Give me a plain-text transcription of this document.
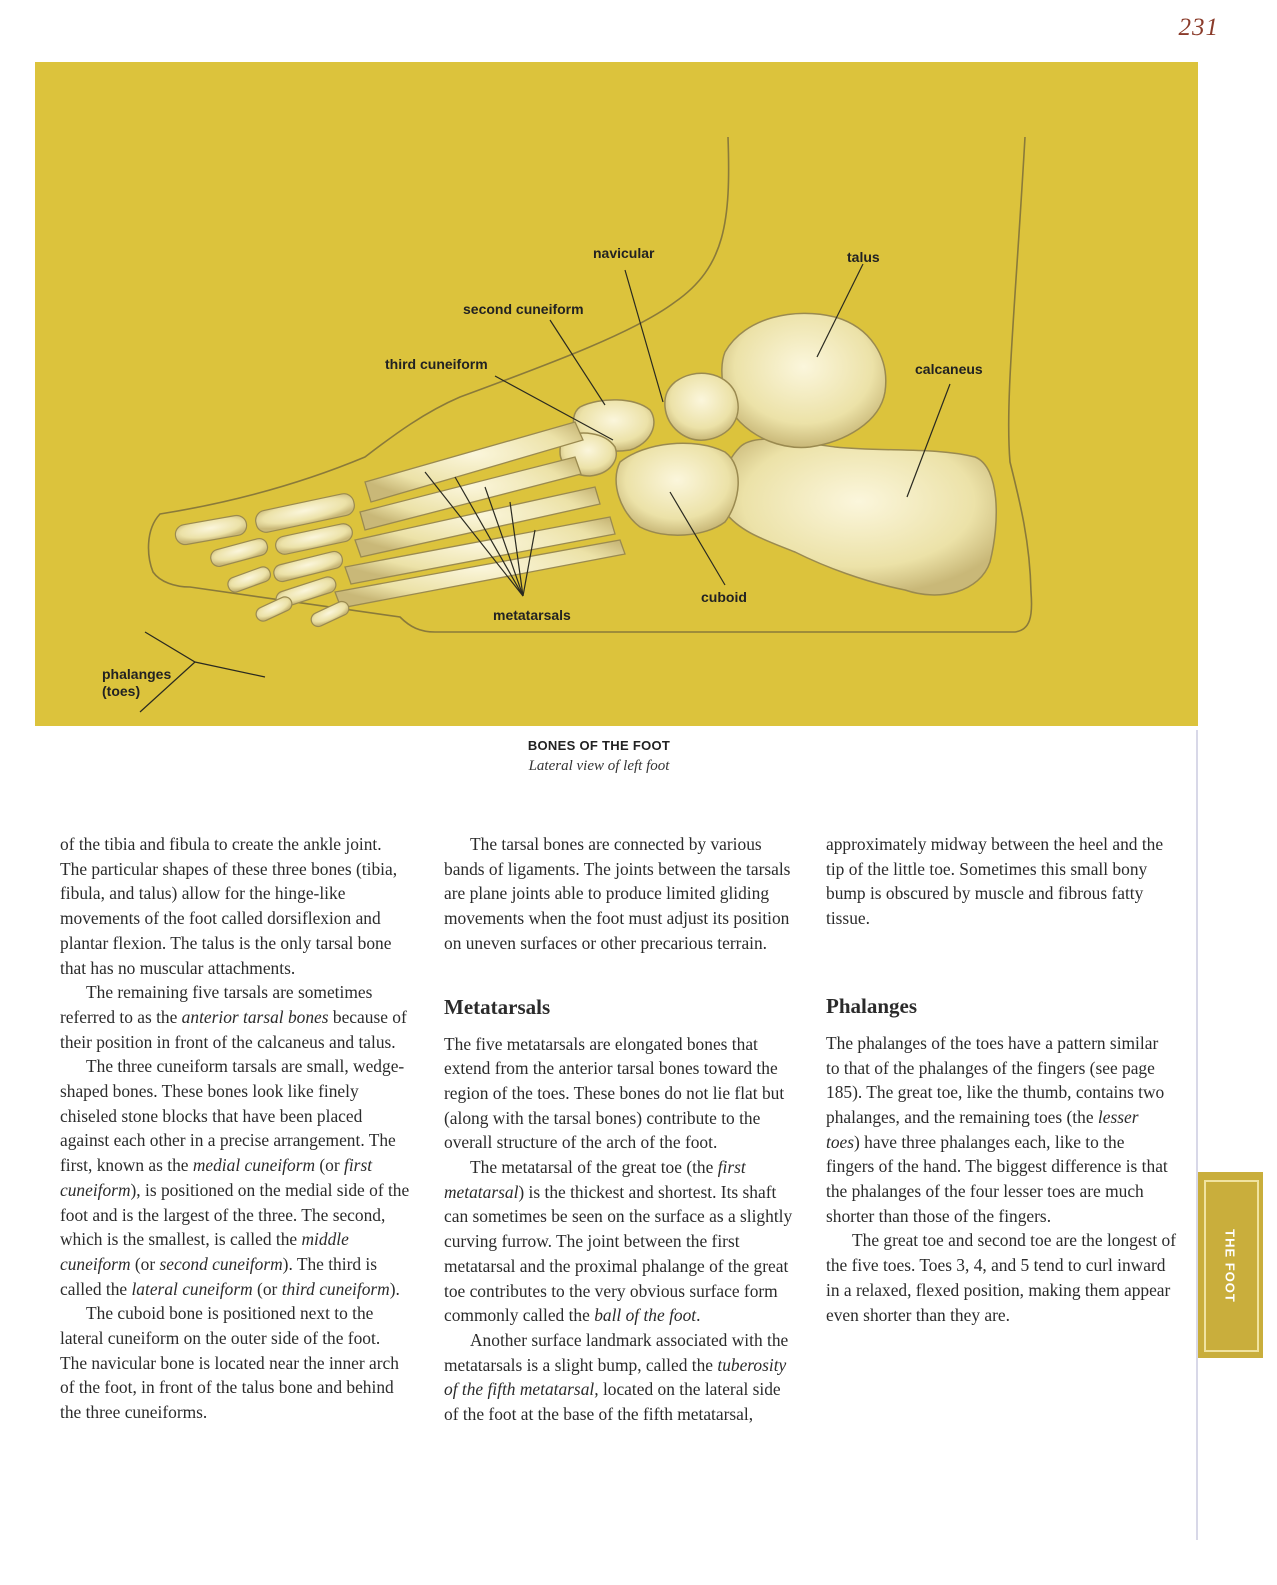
231
navicular	talus
second cuneiform
third cuneiform	calcaneus
cuboid
metatarsals
phalanges
(toes)
BONES OF THE FOOT
Lateral view of left foot

of the tibia and fibula to create the ankle joint. The particular shapes of these three bones (tibia, fibula, and talus) allow for the hinge-like movements of the foot called dorsiflexion and plantar flexion. The talus is the only tarsal bone that has no muscular attachments.

The remaining five tarsals are sometimes referred to as the anterior tarsal bones because of their position in front of the calcaneus and talus.

The three cuneiform tarsals are small, wedge-shaped bones. These bones look like finely chiseled stone blocks that have been placed against each other in a precise arrangement. The first, known as the medial cuneiform (or first cuneiform), is positioned on the medial side of the foot and is the largest of the three. The second, which is the smallest, is called the middle cuneiform (or second cuneiform). The third is called the lateral cuneiform (or third cuneiform).

The cuboid bone is positioned next to the lateral cuneiform on the outer side of the foot. The navicular bone is located near the inner arch of the foot, in front of the talus bone and behind the three cuneiforms.

The tarsal bones are connected by various bands of ligaments. The joints between the tarsals are plane joints able to produce limited gliding movements when the foot must adjust its position on uneven surfaces or other precarious terrain.

Metatarsals

The five metatarsals are elongated bones that extend from the anterior tarsal bones toward the region of the toes. These bones do not lie flat but (along with the tarsal bones) contribute to the overall structure of the arch of the foot.

The metatarsal of the great toe (the first metatarsal) is the thickest and shortest. Its shaft can sometimes be seen on the surface as a slightly curving furrow. The joint between the first metatarsal and the proximal phalange of the great toe contributes to the very obvious surface form commonly called the ball of the foot.

Another surface landmark associated with the metatarsals is a slight bump, called the tuberosity of the fifth metatarsal, located on the lateral side of the foot at the base of the fifth metatarsal,

approximately midway between the heel and the tip of the little toe. Sometimes this small bony bump is obscured by muscle and fibrous fatty tissue.

Phalanges

The phalanges of the toes have a pattern similar to that of the phalanges of the fingers (see page 185). The great toe, like the thumb, contains two phalanges, and the remaining toes (the lesser toes) have three phalanges each, like to the fingers of the hand. The biggest difference is that the phalanges of the four lesser toes are much shorter than those of the fingers.

The great toe and second toe are the longest of the five toes. Toes 3, 4, and 5 tend to curl inward in a relaxed, flexed position, making them appear even shorter than they are.

THE FOOT
